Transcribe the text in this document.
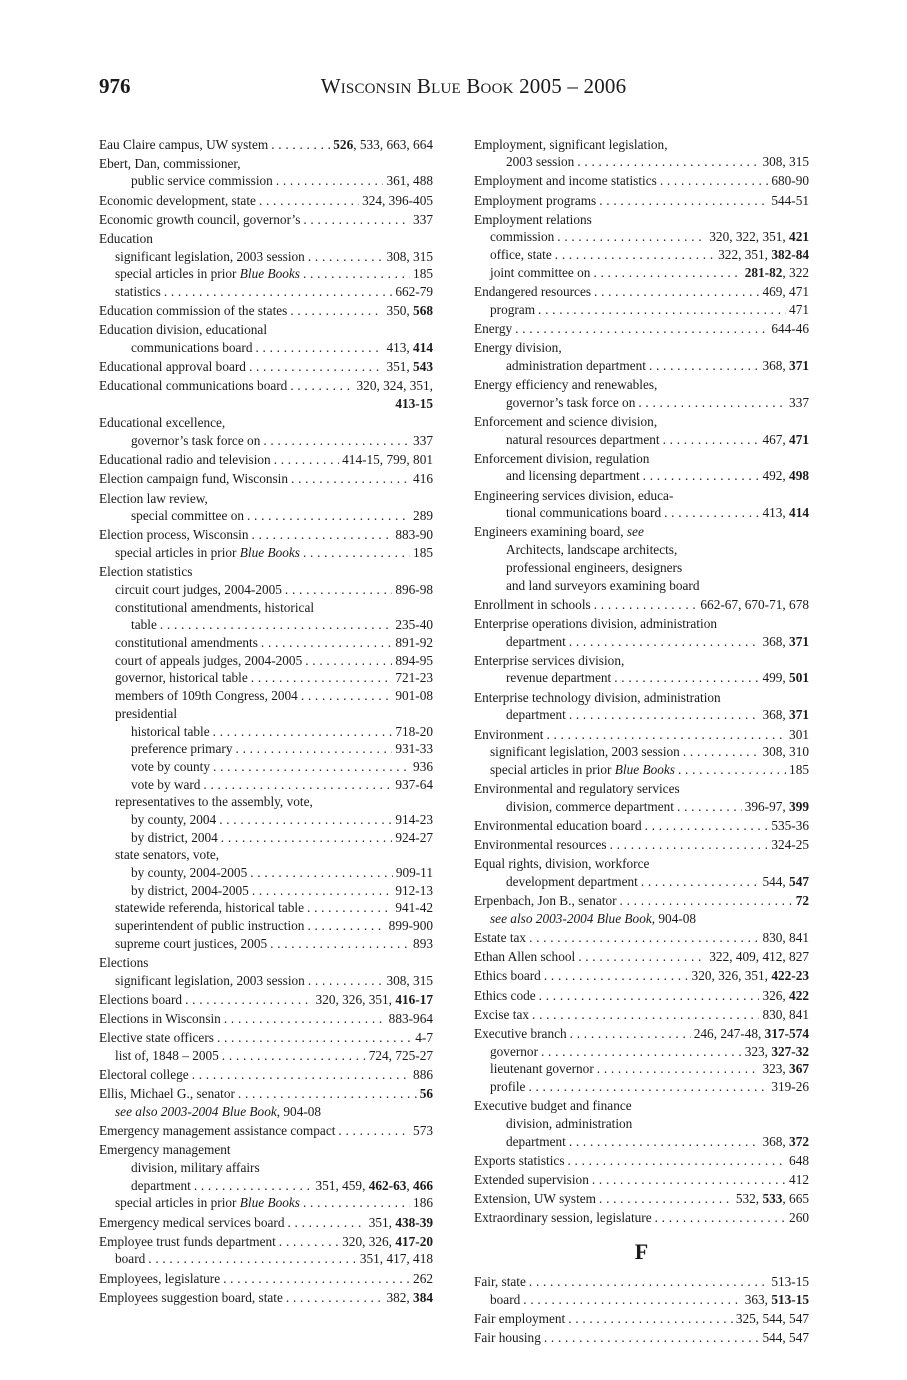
976	Wisconsin Blue Book 2005 – 2006
Eau Claire campus, UW system . . .	526, 533, 663, 664
Ebert, Dan, commissioner,
public service commission . . .	361, 488
Economic development, state . . .	324, 396-405
Economic growth council, governor’s . . .	337
Education
significant legislation, 2003 session . . .	308, 315
special articles in prior Blue Books . . .	185
statistics . . .	662-79
Education commission of the states . . .	350, 568
Education division, educational
communications board . . .	413, 414
Educational approval board . . .	351, 543
Educational communications board . . .	320, 324, 351,
413-15
Educational excellence,
governor’s task force on . . .	337
Educational radio and television . . .	414-15, 799, 801
Election campaign fund, Wisconsin . . .	416
Election law review,
special committee on . . .	289
Election process, Wisconsin . . .	883-90
special articles in prior Blue Books . . .	185
Election statistics
circuit court judges, 2004-2005 . . .	896-98
constitutional amendments, historical
table . . .	235-40
constitutional amendments . . .	891-92
court of appeals judges, 2004-2005 . . .	894-95
governor, historical table . . .	721-23
members of 109th Congress, 2004 . . .	901-08
presidential
historical table . . .	718-20
preference primary . . .	931-33
vote by county . . .	936
vote by ward . . .	937-64
representatives to the assembly, vote,
by county, 2004 . . .	914-23
by district, 2004 . . .	924-27
state senators, vote,
by county, 2004-2005 . . .	909-11
by district, 2004-2005 . . .	912-13
statewide referenda, historical table . . .	941-42
superintendent of public instruction . . .	899-900
supreme court justices, 2005 . . .	893
Elections
significant legislation, 2003 session . . .	308, 315
Elections board . . .	320, 326, 351, 416-17
Elections in Wisconsin . . .	883-964
Elective state officers . . .	4-7
list of, 1848 – 2005 . . .	724, 725-27
Electoral college . . .	886
Ellis, Michael G., senator . . .	56
see also 2003-2004 Blue Book, 904-08
Emergency management assistance compact . . .	573
Emergency management
division, military affairs
department . . .	351, 459, 462-63, 466
special articles in prior Blue Books . . .	186
Emergency medical services board . . .	351, 438-39
Employee trust funds department . . .	320, 326, 417-20
board . . .	351, 417, 418
Employees, legislature . . .	262
Employees suggestion board, state . . .	382, 384
Employment, significant legislation,
2003 session . . .	308, 315
Employment and income statistics . . .	680-90
Employment programs . . .	544-51
Employment relations
commission . . .	320, 322, 351, 421
office, state . . .	322, 351, 382-84
joint committee on . . .	281-82, 322
Endangered resources . . .	469, 471
program . . .	471
Energy . . .	644-46
Energy division,
administration department . . .	368, 371
Energy efficiency and renewables,
governor’s task force on . . .	337
Enforcement and science division,
natural resources department . . .	467, 471
Enforcement division, regulation
and licensing department . . .	492, 498
Engineering services division, educa-
tional communications board . . .	413, 414
Engineers examining board, see
Architects, landscape architects,
professional engineers, designers
and land surveyors examining board
Enrollment in schools . . .	662-67, 670-71, 678
Enterprise operations division, administration
department . . .	368, 371
Enterprise services division,
revenue department . . .	499, 501
Enterprise technology division, administration
department . . .	368, 371
Environment . . .	301
significant legislation, 2003 session . . .	308, 310
special articles in prior Blue Books . . .	185
Environmental and regulatory services
division, commerce department . . .	396-97, 399
Environmental education board . . .	535-36
Environmental resources . . .	324-25
Equal rights, division, workforce
development department . . .	544, 547
Erpenbach, Jon B., senator . . .	72
see also 2003-2004 Blue Book, 904-08
Estate tax . . .	830, 841
Ethan Allen school . . .	322, 409, 412, 827
Ethics board . . .	320, 326, 351, 422-23
Ethics code . . .	326, 422
Excise tax . . .	830, 841
Executive branch . . .	246, 247-48, 317-574
governor . . .	323, 327-32
lieutenant governor . . .	323, 367
profile . . .	319-26
Executive budget and finance
division, administration
department . . .	368, 372
Exports statistics . . .	648
Extended supervision . . .	412
Extension, UW system . . .	532, 533, 665
Extraordinary session, legislature . . .	260
F
Fair, state . . .	513-15
board . . .	363, 513-15
Fair employment . . .	325, 544, 547
Fair housing . . .	544, 547
